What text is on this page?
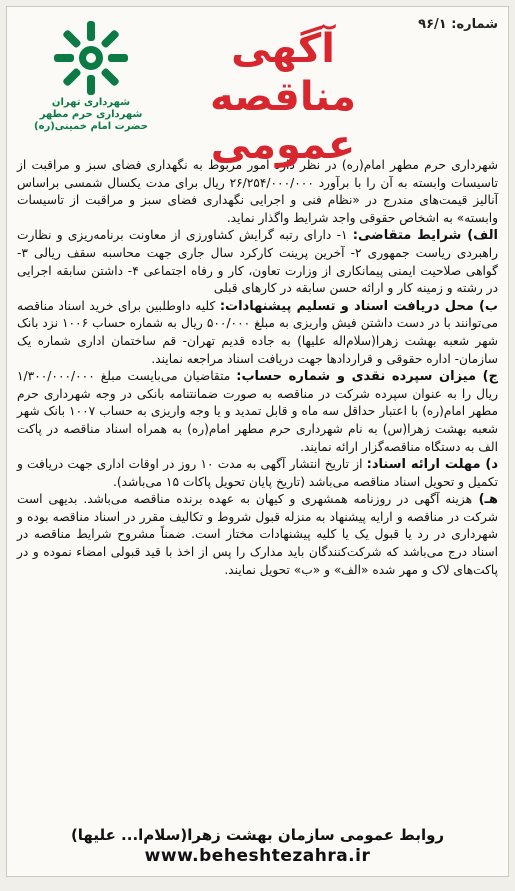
شماره: ۹۶/۱
آگهی مناقصه
عمومی
شهرداری تهران
شهرداری حرم مطهر
حضرت امام خمینی(ره)

شهرداری حرم مطهر امام(ره) در نظر دارد امور مربوط به نگهداری فضای سبز و مراقبت از تاسیسات وابسته به آن را با برآورد ۲۶/۲۵۴/۰۰۰/۰۰۰ ریال برای مدت یکسال شمسی براساس آنالیز قیمت‌های مندرج در «نظام فنی و اجرایی نگهداری فضای سبز و مراقبت از تاسیسات وابسته» به اشخاص حقوقی واجد شرایط واگذار نماید.

الف) شرایط متقاضی: ۱- دارای رتبه گرایش کشاورزی از معاونت برنامه‌ریزی و نظارت راهبردی ریاست جمهوری ۲- آخرین پرینت کارکرد سال جاری جهت محاسبه سقف ریالی ۳- گواهی صلاحیت ایمنی پیمانکاری از وزارت تعاون، کار و رفاه اجتماعی ۴- داشتن سابقه اجرایی در رشته و زمینه کار و ارائه حسن سابقه در کارهای قبلی

ب) محل دریافت اسناد و تسلیم پیشنهادات: کلیه داوطلبین برای خرید اسناد مناقصه می‌توانند با در دست داشتن فیش واریزی به مبلغ ۵۰۰/۰۰۰ ریال به شماره حساب ۱۰۰۶ نزد بانک شهر شعبه بهشت زهرا(سلام‌اله علیها) به جاده قدیم تهران- قم ساختمان اداری شماره یک سازمان- اداره حقوقی و قراردادها جهت دریافت اسناد مراجعه نمایند.

ج) میزان سپرده نقدی و شماره حساب: متقاضیان می‌بایست مبلغ ۱/۳۰۰/۰۰۰/۰۰۰ ریال را به عنوان سپرده شرکت در مناقصه به صورت ضمانتنامه بانکی در وجه شهرداری حرم مطهر امام(ره) با اعتبار حداقل سه ماه و قابل تمدید و یا وجه واریزی به حساب ۱۰۰۷ بانک شهر شعبه بهشت زهرا(س) به نام شهرداری حرم مطهر امام(ره) به همراه اسناد مناقصه در پاکت الف به دستگاه مناقصه‌گزار ارائه نمایند.

د) مهلت ارائه اسناد: از تاریخ انتشار آگهی به مدت ۱۰ روز در اوقات اداری جهت دریافت و تکمیل و تحویل اسناد مناقصه می‌باشد (تاریخ پایان تحویل پاکات ۱۵ می‌باشد).

هـ) هزینه آگهی در روزنامه همشهری و کیهان به عهده برنده مناقصه می‌باشد. بدیهی است شرکت در مناقصه و ارایه پیشنهاد به منزله قبول شروط و تکالیف مقرر در اسناد مناقصه بوده و شهرداری در رد یا قبول یک یا کلیه پیشنهادات مختار است. ضمناً مشروح شرایط مناقصه در اسناد درج می‌باشد که شرکت‌کنندگان باید مدارک را پس از اخذ با قید قبولی امضاء نموده و در پاکت‌های لاک و مهر شده «الف» و «ب» تحویل نمایند.

روابط عمومی سازمان بهشت زهرا(سلام‌ا... علیها)
www.beheshtezahra.ir
